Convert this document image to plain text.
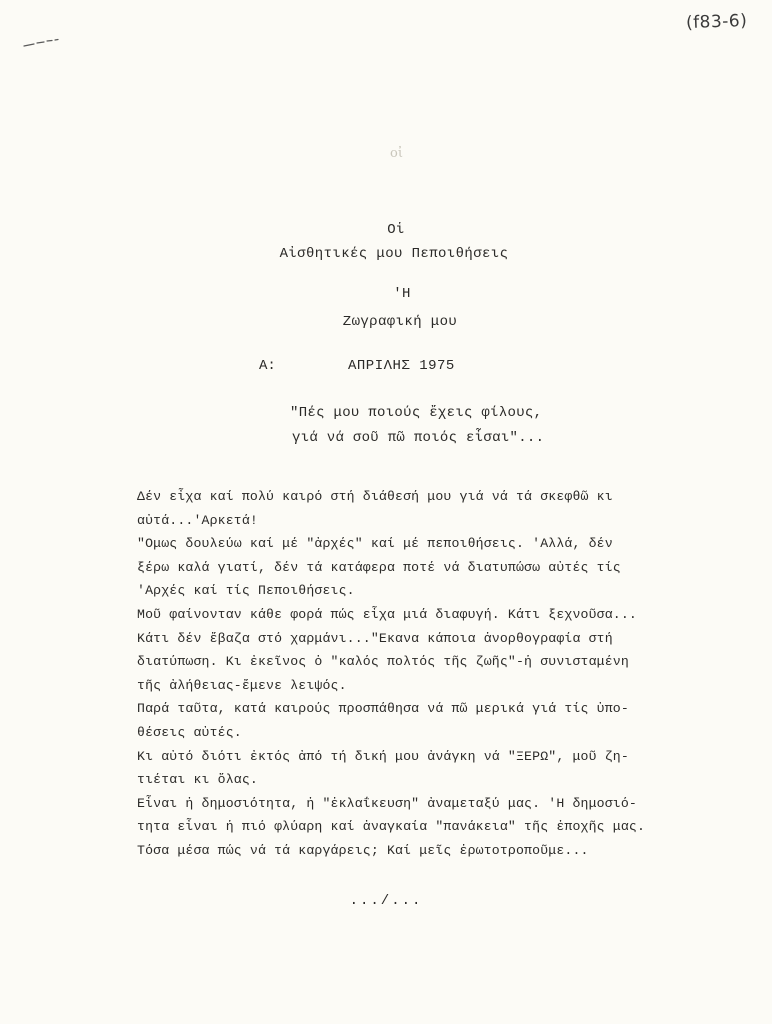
(f83-6)
οἰ
Οἱ
Αἰσθητικές μου Πεποιθήσεις
'Η
Ζωγραφική μου
Α:	ΑΠΡΙΛΗΣ 1975
"Πές μου ποιούς ἔχεις φίλους,
γιά νά σοῦ πῶ ποιός εἶσαι"...
Δέν εἶχα καί πολύ καιρό στή διάθεσή μου γιά νά τά σκεφθῶ κι
αὐτά...'Αρκετά!
"Ομως δουλεύω καί μέ "ἀρχές" καί μέ πεποιθήσεις. 'Αλλά, δέν
ξέρω καλά γιατί, δέν τά κατάφερα ποτέ νά διατυπώσω αὐτές τίς
'Αρχές καί τίς Πεποιθήσεις.
Μοῦ φαίνονταν κάθε φορά πώς εἶχα μιά διαφυγή. Κάτι ξεχνοῦσα...
Κάτι δέν ἔβαζα στό χαρμάνι..."Εκανα κάποια ἀνορθογραφία στή
διατύπωση. Κι ἐκεῖνος ὁ "καλός πολτός τῆς ζωῆς"-ἡ συνισταμένη
τῆς ἀλήθειας-ἔμενε λειψός.
Παρά ταῦτα, κατά καιρούς προσπάθησα νά πῶ μερικά γιά τίς ὑπο-
θέσεις αὐτές.
Κι αὐτό διότι ἐκτός ἀπό τή δική μου ἀνάγκη νά "ΞΕΡΩ", μοῦ ζη-
τιέται κι ὅλας.
Εἶναι ἡ δημοσιότητα, ἡ "ἐκλαΐκευση" ἀναμεταξύ μας. 'Η δημοσιό-
τητα εἶναι ἡ πιό φλύαρη καί ἀναγκαία "πανάκεια" τῆς ἐποχῆς μας.
Τόσα μέσα πώς νά τά καργάρεις; Καί μεῖς ἐρωτοτροποῦμε...
.../...
